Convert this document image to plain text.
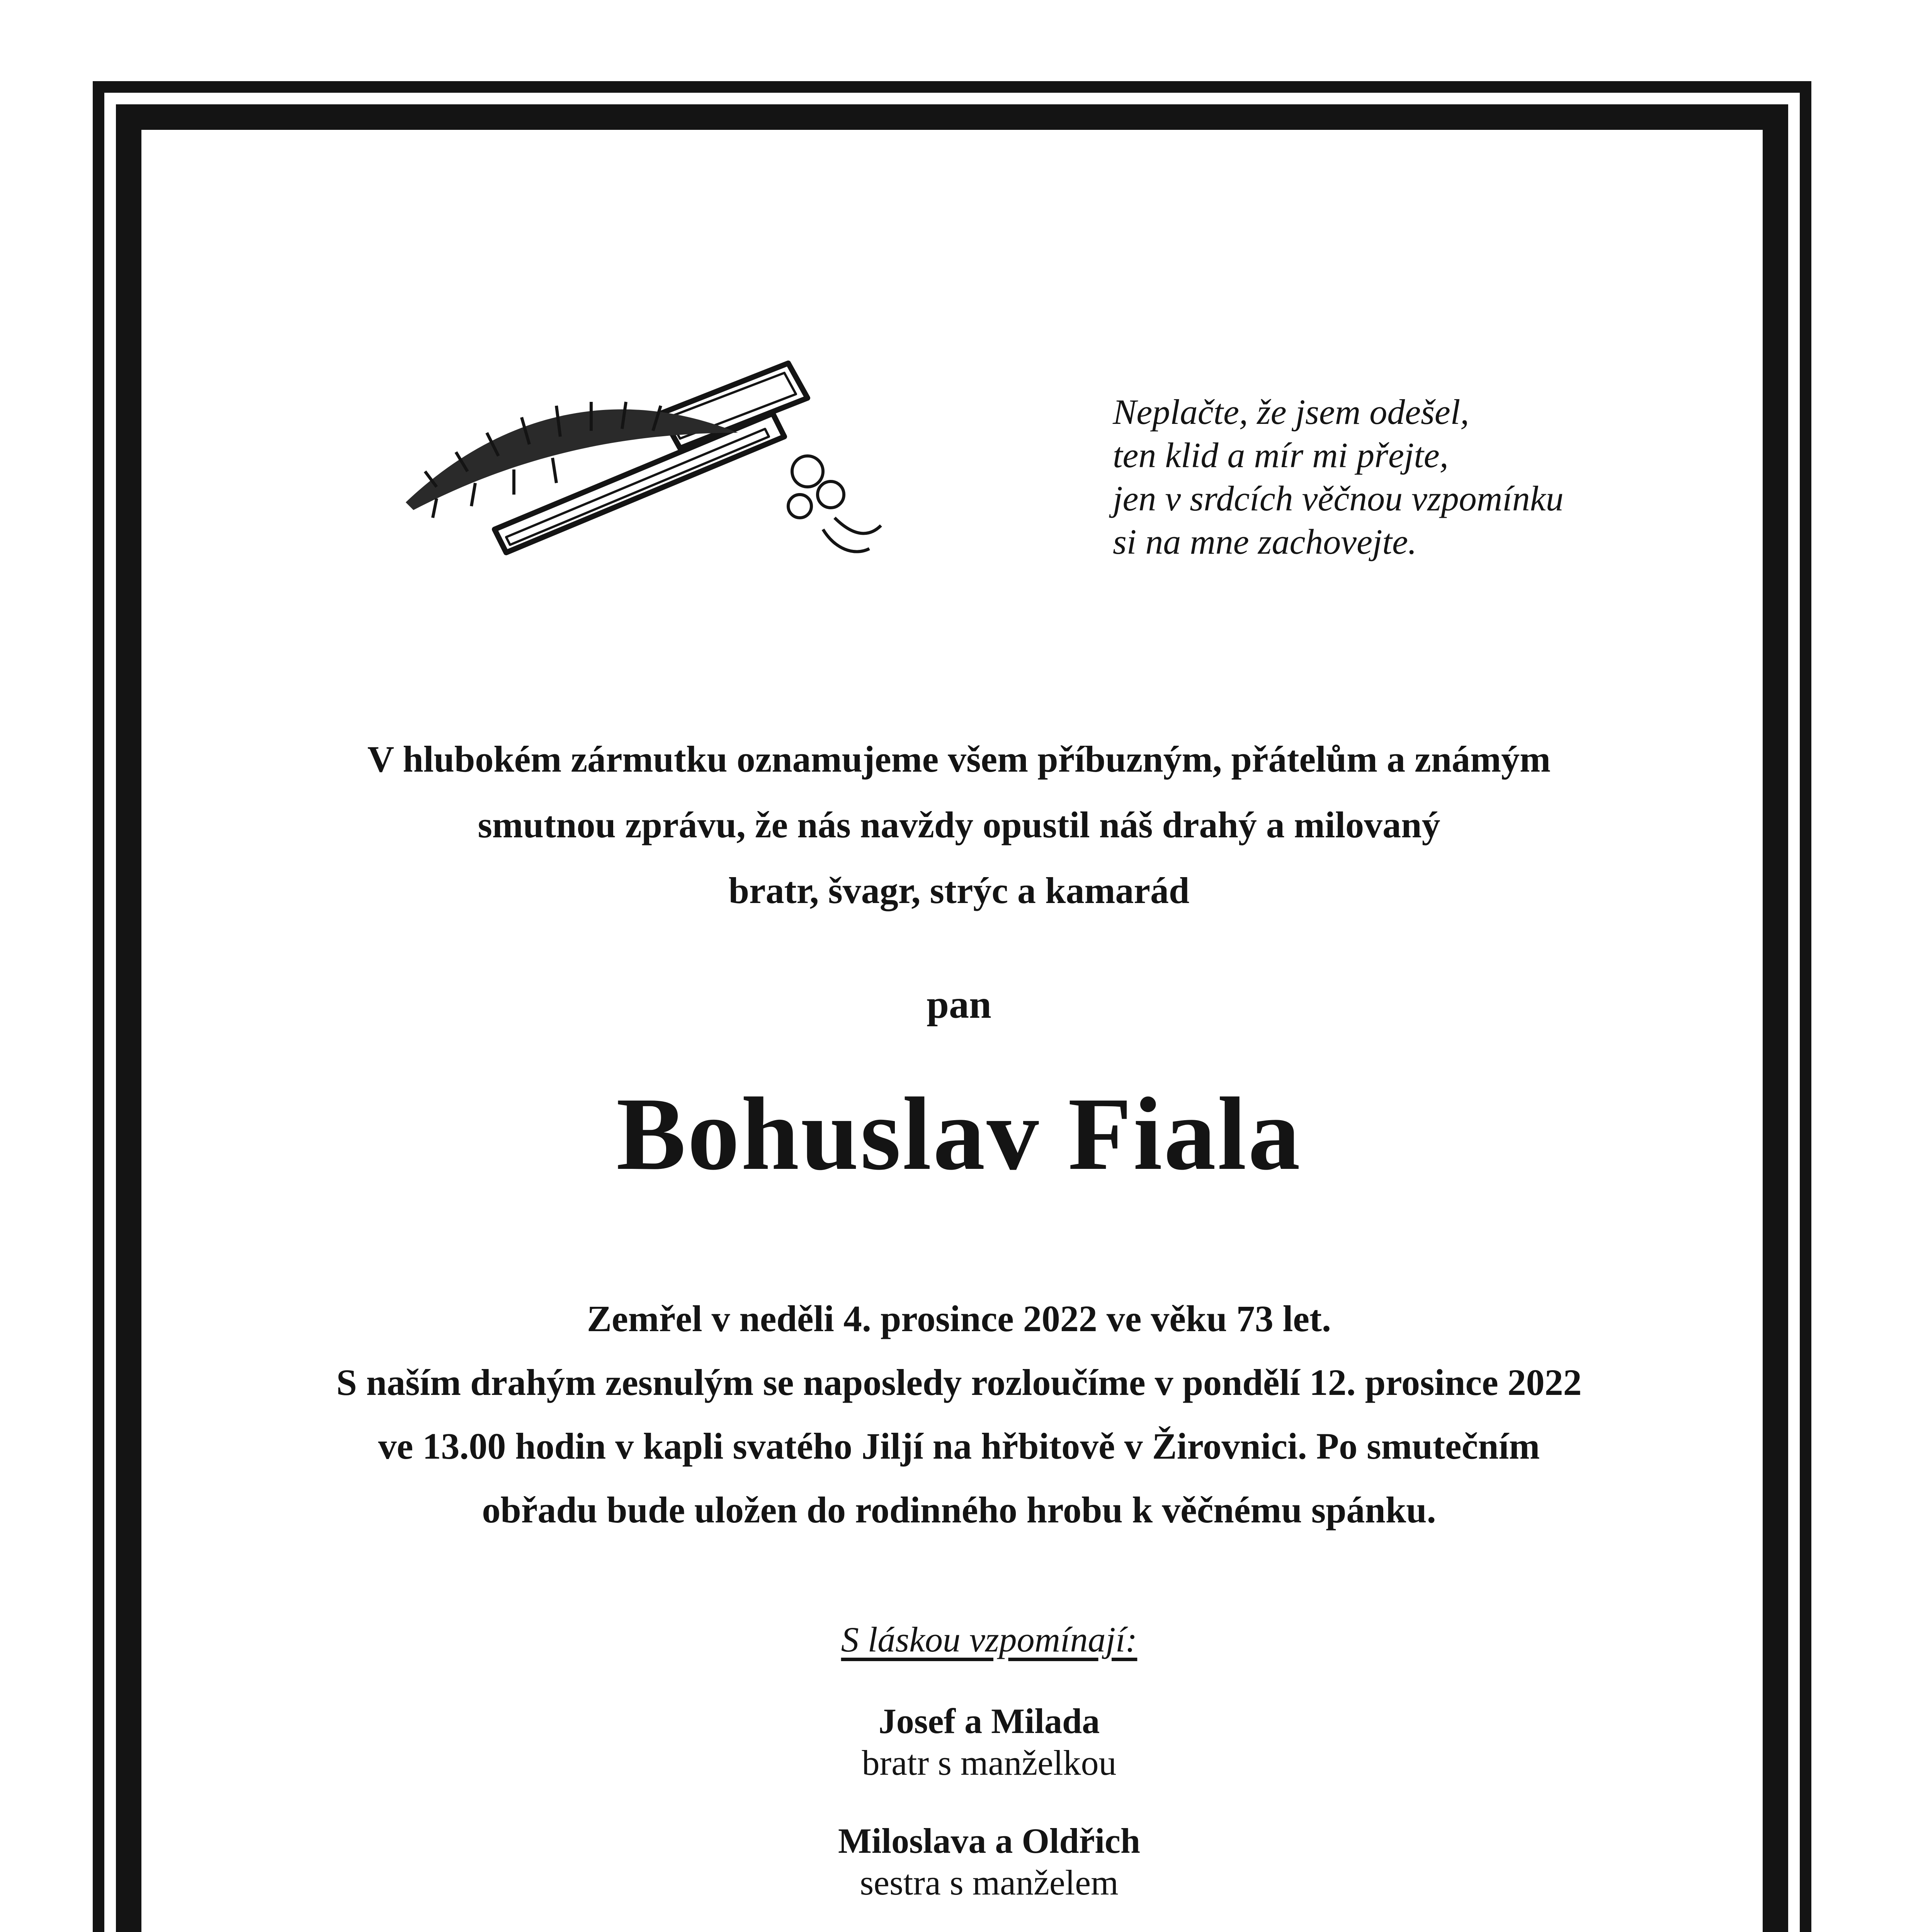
Neplačte, že jsem odešel,
ten klid a mír mi přejte,
jen v srdcích věčnou vzpomínku
si na mne zachovejte.
V hlubokém zármutku oznamujeme všem příbuzným, přátelům a známým
smutnou zprávu, že nás navždy opustil náš drahý a milovaný
bratr, švagr, strýc a kamarád
pan
Bohuslav Fiala
Zemřel v neděli 4. prosince 2022 ve věku 73 let.
S naším drahým zesnulým se naposledy rozloučíme v pondělí 12. prosince 2022
ve 13.00 hodin v kapli svatého Jiljí na hřbitově v Žirovnici. Po smutečním
obřadu bude uložen do rodinného hrobu k věčnému spánku.
S láskou vzpomínají:
Josef a Milada
bratr s manželkou
Miloslava a Oldřich
sestra s manželem
